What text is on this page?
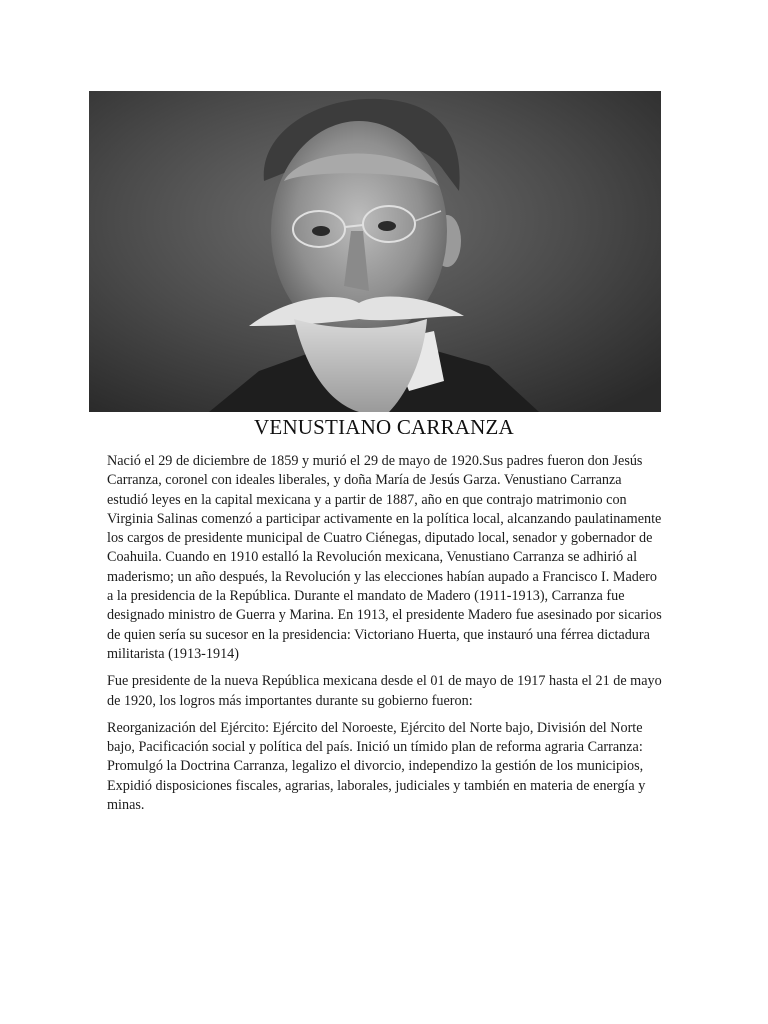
VENUSTIANO CARRANZA

Nació el 29 de diciembre de 1859 y murió el 29 de mayo de 1920.Sus padres fueron don Jesús Carranza, coronel con ideales liberales, y doña María de Jesús Garza. Venustiano Carranza estudió leyes en la capital mexicana y a partir de 1887, año en que contrajo matrimonio con Virginia Salinas comenzó a participar activamente en la política local, alcanzando paulatinamente los cargos de presidente municipal de Cuatro Ciénegas, diputado local, senador y gobernador de Coahuila. Cuando en 1910 estalló la Revolución mexicana, Venustiano Carranza se adhirió al maderismo; un año después, la Revolución y las elecciones habían aupado a Francisco I. Madero a la presidencia de la República. Durante el mandato de Madero (1911-1913), Carranza fue designado ministro de Guerra y Marina. En 1913, el presidente Madero fue asesinado por sicarios de quien sería su sucesor en la presidencia: Victoriano Huerta, que instauró una férrea dictadura militarista (1913-1914)

Fue presidente de la nueva República mexicana desde el 01 de mayo de 1917 hasta el 21 de mayo de 1920, los logros más importantes durante su gobierno fueron:

Reorganización del Ejército: Ejército del Noroeste, Ejército del Norte bajo, División del Norte bajo, Pacificación social y política del país. Inició un tímido plan de reforma agraria Carranza: Promulgó la Doctrina Carranza, legalizo el divorcio, independizo la gestión de los municipios, Expidió disposiciones fiscales, agrarias, laborales, judiciales y también en materia de energía y minas.
